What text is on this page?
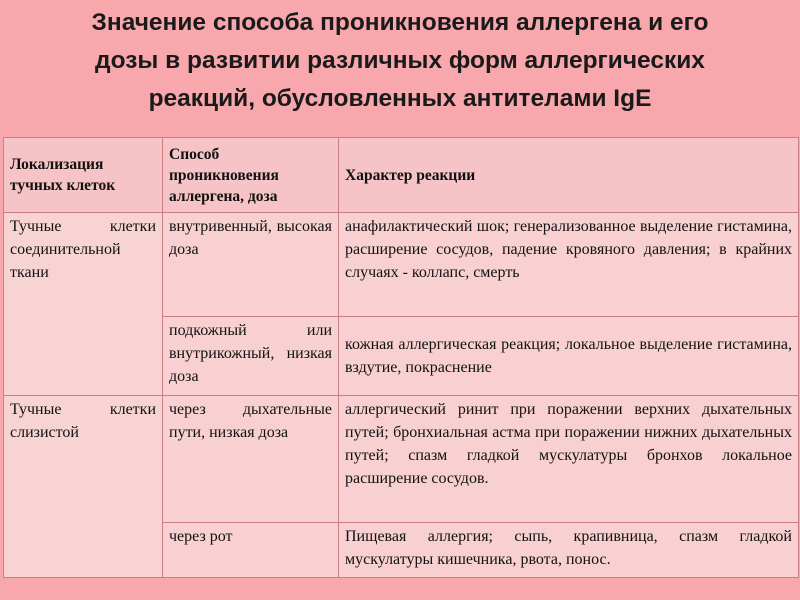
Значение способа проникновения аллергена и его
дозы в развитии различных форм аллергических
реакций, обусловленных антителами IgE
Локализация тучных клеток	Способ проникновения аллергена, доза	Характер реакции
Тучные клетки соединительной ткани	внутривенный, высокая доза	анафилактический шок; генерализованное выделение гистамина, расширение сосудов, падение кровяного давления; в крайних случаях - коллапс, смерть
	подкожный или внутрикожный, низкая доза	кожная аллергическая реакция; локальное выделение гистамина, вздутие, покраснение
Тучные клетки слизистой	через дыхательные пути, низкая доза	аллергический ринит при поражении верхних дыхательных путей; бронхиальная астма при поражении нижних дыхательных путей; спазм гладкой мускулатуры бронхов локальное расширение сосудов.
	через рот	Пищевая аллергия; сыпь, крапивница, спазм гладкой мускулатуры кишечника, рвота, понос.
